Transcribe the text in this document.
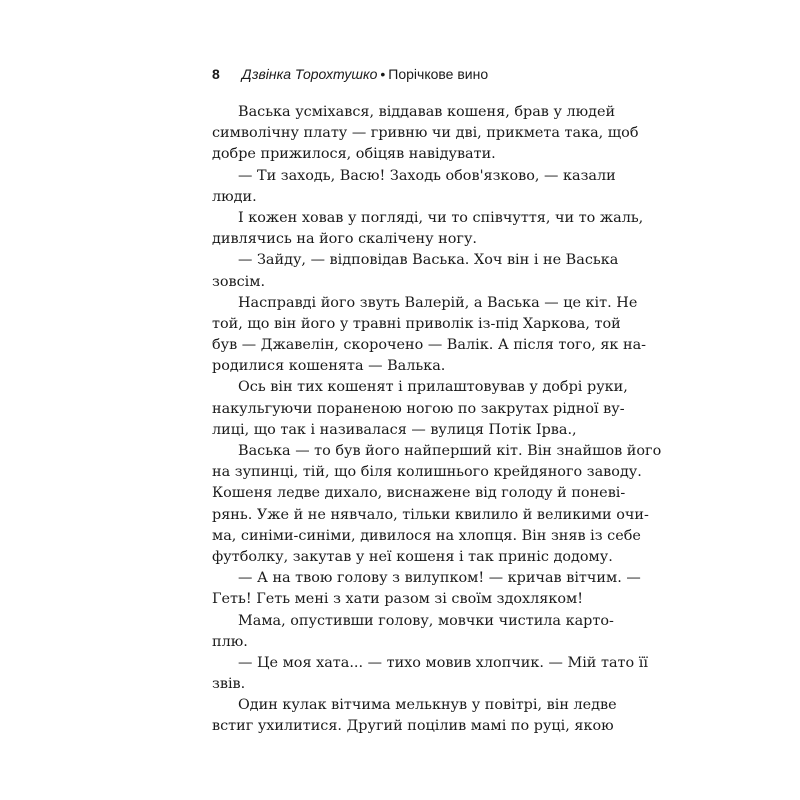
8 Дзвінка Торохтушко • Порічкове вино
Васька усміхався, віддавав кошеня, брав у людей
символічну плату — гривню чи дві, прикмета така, щоб
добре прижилося, обіцяв навідувати.
— Ти заходь, Васю! Заходь обов'язково, — казали
люди.
І кожен ховав у погляді, чи то співчуття, чи то жаль,
дивлячись на його скалічену ногу.
— Зайду, — відповідав Васька. Хоч він і не Васька
зовсім.
Насправді його звуть Валерій, а Васька — це кіт. Не
той, що він його у травні приволік із-під Харкова, той
був — Джавелін, скорочено — Валік. А після того, як на-
родилися кошенята — Валька.
Ось він тих кошенят і прилаштовував у добрі руки,
накульгуючи пораненою ногою по закрутах рідної ву-
лиці, що так і називалася — вулиця Потік Ірва.,
Васька — то був його найперший кіт. Він знайшов його
на зупинці, тій, що біля колишнього крейдяного заводу.
Кошеня ледве дихало, виснажене від голоду й поневі-
рянь. Уже й не нявчало, тільки квилило й великими очи-
ма, синіми-синіми, дивилося на хлопця. Він зняв із себе
футболку, закутав у неї кошеня і так приніс додому.
— А на твою голову з вилупком! — кричав вітчим. —
Геть! Геть мені з хати разом зі своїм здохляком!
Мама, опустивши голову, мовчки чистила карто-
плю.
— Це моя хата... — тихо мовив хлопчик. — Мій тато її
звів.
Один кулак вітчима мелькнув у повітрі, він ледве
встиг ухилитися. Другий поцілив мамі по руці, якою
